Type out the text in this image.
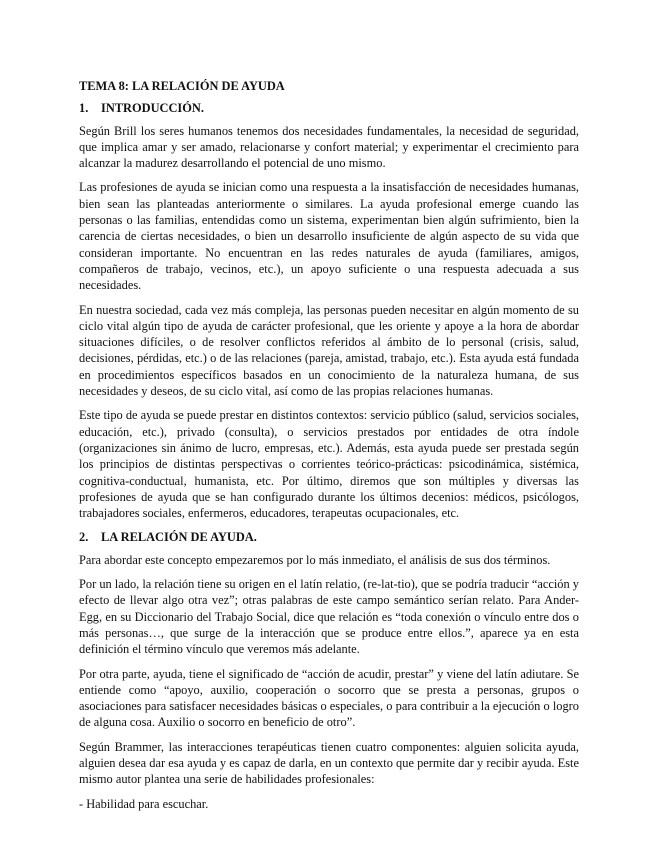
TEMA 8: LA RELACIÓN DE AYUDA
1. INTRODUCCIÓN.

Según Brill los seres humanos tenemos dos necesidades fundamentales, la necesidad de seguridad, que implica amar y ser amado, relacionarse y confort material; y experimentar el crecimiento para alcanzar la madurez desarrollando el potencial de uno mismo.

Las profesiones de ayuda se inician como una respuesta a la insatisfacción de necesidades humanas, bien sean las planteadas anteriormente o similares. La ayuda profesional emerge cuando las personas o las familias, entendidas como un sistema, experimentan bien algún sufrimiento, bien la carencia de ciertas necesidades, o bien un desarrollo insuficiente de algún aspecto de su vida que consideran importante. No encuentran en las redes naturales de ayuda (familiares, amigos, compañeros de trabajo, vecinos, etc.), un apoyo suficiente o una respuesta adecuada a sus necesidades.

En nuestra sociedad, cada vez más compleja, las personas pueden necesitar en algún momento de su ciclo vital algún tipo de ayuda de carácter profesional, que les oriente y apoye a la hora de abordar situaciones difíciles, o de resolver conflictos referidos al ámbito de lo personal (crisis, salud, decisiones, pérdidas, etc.) o de las relaciones (pareja, amistad, trabajo, etc.). Esta ayuda está fundada en procedimientos específicos basados en un conocimiento de la naturaleza humana, de sus necesidades y deseos, de su ciclo vital, así como de las propias relaciones humanas.

Este tipo de ayuda se puede prestar en distintos contextos: servicio público (salud, servicios sociales, educación, etc.), privado (consulta), o servicios prestados por entidades de otra índole (organizaciones sin ánimo de lucro, empresas, etc.). Además, esta ayuda puede ser prestada según los principios de distintas perspectivas o corrientes teórico-prácticas: psicodinámica, sistémica, cognitiva-conductual, humanista, etc. Por último, diremos que son múltiples y diversas las profesiones de ayuda que se han configurado durante los últimos decenios: médicos, psicólogos, trabajadores sociales, enfermeros, educadores, terapeutas ocupacionales, etc.

2. LA RELACIÓN DE AYUDA.

Para abordar este concepto empezaremos por lo más inmediato, el análisis de sus dos términos.

Por un lado, la relación tiene su origen en el latín relatio, (re-lat-tio), que se podría traducir “acción y efecto de llevar algo otra vez”; otras palabras de este campo semántico serían relato. Para Ander-Egg, en su Diccionario del Trabajo Social, dice que relación es “toda conexión o vínculo entre dos o más personas…, que surge de la interacción que se produce entre ellos.”, aparece ya en esta definición el término vínculo que veremos más adelante.

Por otra parte, ayuda, tiene el significado de “acción de acudir, prestar” y viene del latín adiutare. Se entiende como “apoyo, auxilio, cooperación o socorro que se presta a personas, grupos o asociaciones para satisfacer necesidades básicas o especiales, o para contribuir a la ejecución o logro de alguna cosa. Auxilio o socorro en beneficio de otro”.

Según Brammer, las interacciones terapéuticas tienen cuatro componentes: alguien solicita ayuda, alguien desea dar esa ayuda y es capaz de darla, en un contexto que permite dar y recibir ayuda. Este mismo autor plantea una serie de habilidades profesionales:

- Habilidad para escuchar.
